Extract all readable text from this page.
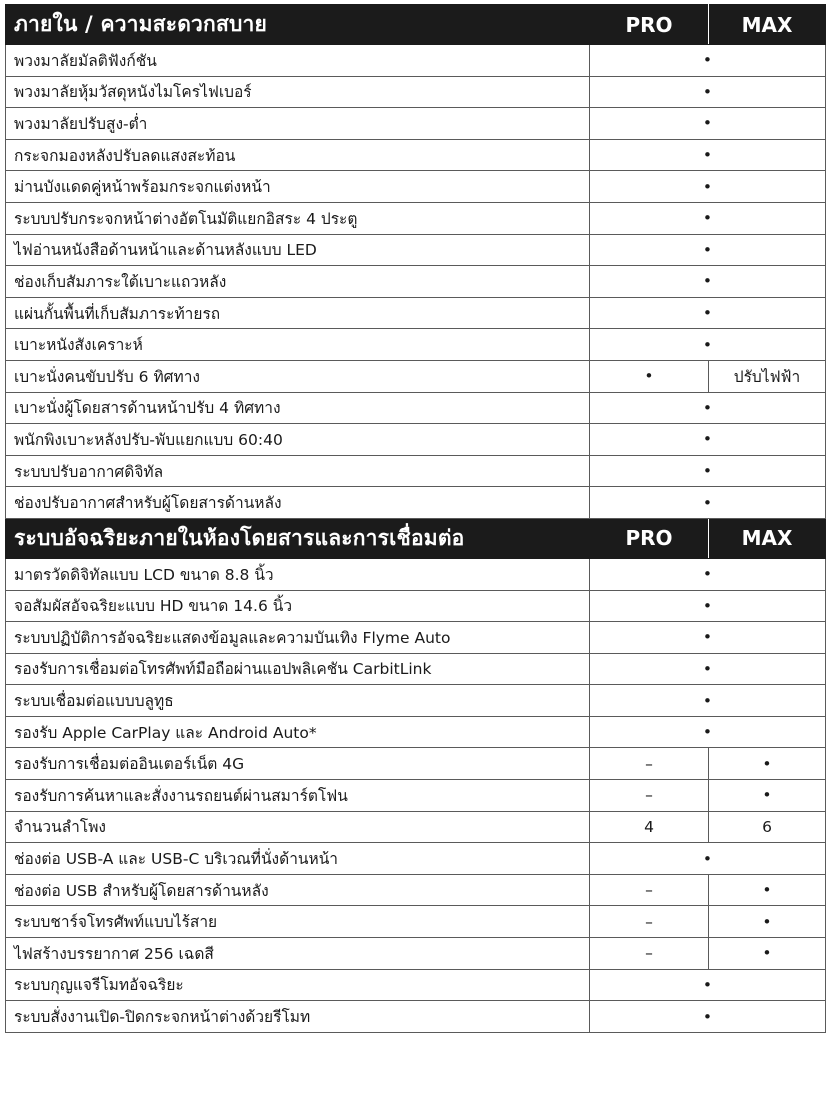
ภายใน / ความสะดวกสบาย	PRO	MAX
พวงมาลัยมัลติฟังก์ชัน	•	
พวงมาลัยหุ้มวัสดุหนังไมโครไฟเบอร์	•	
พวงมาลัยปรับสูง-ต่ำ	•	
กระจกมองหลังปรับลดแสงสะท้อน	•	
ม่านบังแดดคู่หน้าพร้อมกระจกแต่งหน้า	•	
ระบบปรับกระจกหน้าต่างอัตโนมัติแยกอิสระ 4 ประตู	•	
ไฟอ่านหนังสือด้านหน้าและด้านหลังแบบ LED	•	
ช่องเก็บสัมภาระใต้เบาะแถวหลัง	•	
แผ่นกั้นพื้นที่เก็บสัมภาระท้ายรถ	•	
เบาะหนังสังเคราะห์	•	
เบาะนั่งคนขับปรับ 6 ทิศทาง	•	ปรับไฟฟ้า
เบาะนั่งผู้โดยสารด้านหน้าปรับ 4 ทิศทาง	•	
พนักพิงเบาะหลังปรับ-พับแยกแบบ 60:40	•	
ระบบปรับอากาศดิจิทัล	•	
ช่องปรับอากาศสำหรับผู้โดยสารด้านหลัง	•	
ระบบอัจฉริยะภายในห้องโดยสารและการเชื่อมต่อ	PRO	MAX
มาตรวัดดิจิทัลแบบ LCD ขนาด 8.8 นิ้ว	•	
จอสัมผัสอัจฉริยะแบบ HD ขนาด 14.6 นิ้ว	•	
ระบบปฏิบัติการอัจฉริยะแสดงข้อมูลและความบันเทิง Flyme Auto	•	
รองรับการเชื่อมต่อโทรศัพท์มือถือผ่านแอปพลิเคชัน CarbitLink	•	
ระบบเชื่อมต่อแบบบลูทูธ	•	
รองรับ Apple CarPlay และ Android Auto*	•	
รองรับการเชื่อมต่ออินเตอร์เน็ต 4G	–	•
รองรับการค้นหาและสั่งงานรถยนต์ผ่านสมาร์ตโฟน	–	•
จำนวนลำโพง	4	6
ช่องต่อ USB-A และ USB-C บริเวณที่นั่งด้านหน้า	•	
ช่องต่อ USB สำหรับผู้โดยสารด้านหลัง	–	•
ระบบชาร์จโทรศัพท์แบบไร้สาย	–	•
ไฟสร้างบรรยากาศ 256 เฉดสี	–	•
ระบบกุญแจรีโมทอัจฉริยะ	•	
ระบบสั่งงานเปิด-ปิดกระจกหน้าต่างด้วยรีโมท	•	
